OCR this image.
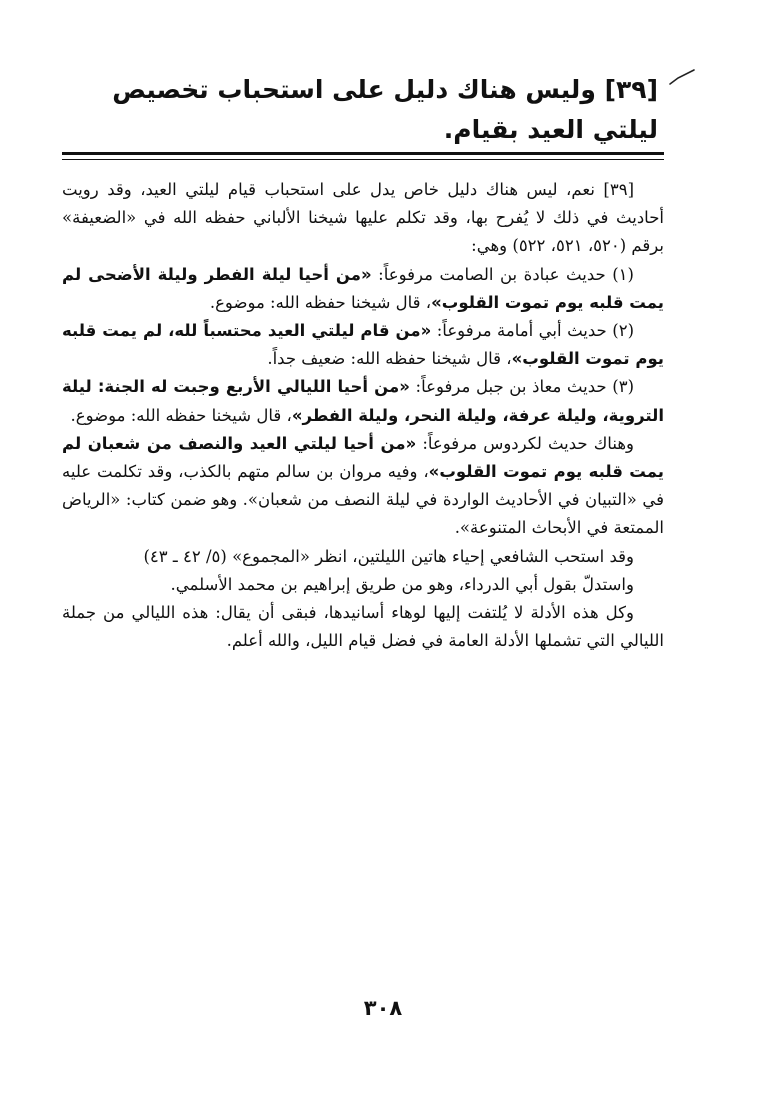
[٣٩] وليس هناك دليل على استحباب تخصيص ليلتي العيد بقيام.

[٣٩] نعم، ليس هناك دليل خاص يدل على استحباب قيام ليلتي العيد، وقد رويت أحاديث في ذلك لا يُفرح بها، وقد تكلم عليها شيخنا الألباني حفظه الله في «الضعيفة» برقم (٥٢٠، ٥٢١، ٥٢٢) وهي:

(١) حديث عبادة بن الصامت مرفوعاً: «من أحيا ليلة الفطر وليلة الأضحى لم يمت قلبه يوم تموت القلوب»، قال شيخنا حفظه الله: موضوع.

(٢) حديث أبي أمامة مرفوعاً: «من قام ليلتي العيد محتسباً لله، لم يمت قلبه يوم تموت القلوب»، قال شيخنا حفظه الله: ضعيف جداً.

(٣) حديث معاذ بن جبل مرفوعاً: «من أحيا الليالي الأربع وجبت له الجنة: ليلة التروية، وليلة عرفة، وليلة النحر، وليلة الفطر»، قال شيخنا حفظه الله: موضوع.

وهناك حديث لكردوس مرفوعاً: «من أحيا ليلتي العيد والنصف من شعبان لم يمت قلبه يوم تموت القلوب»، وفيه مروان بن سالم متهم بالكذب، وقد تكلمت عليه في «التبيان في الأحاديث الواردة في ليلة النصف من شعبان». وهو ضمن كتاب: «الرياض الممتعة في الأبحاث المتنوعة».

وقد استحب الشافعي إحياء هاتين الليلتين، انظر «المجموع» (٥/ ٤٢ ـ ٤٣)

واستدلّ بقول أبي الدرداء، وهو من طريق إبراهيم بن محمد الأسلمي.

وكل هذه الأدلة لا يُلتفت إليها لوهاء أسانيدها، فبقى أن يقال: هذه الليالي من جملة الليالي التي تشملها الأدلة العامة في فضل قيام الليل، والله أعلم.

٣٠٨
